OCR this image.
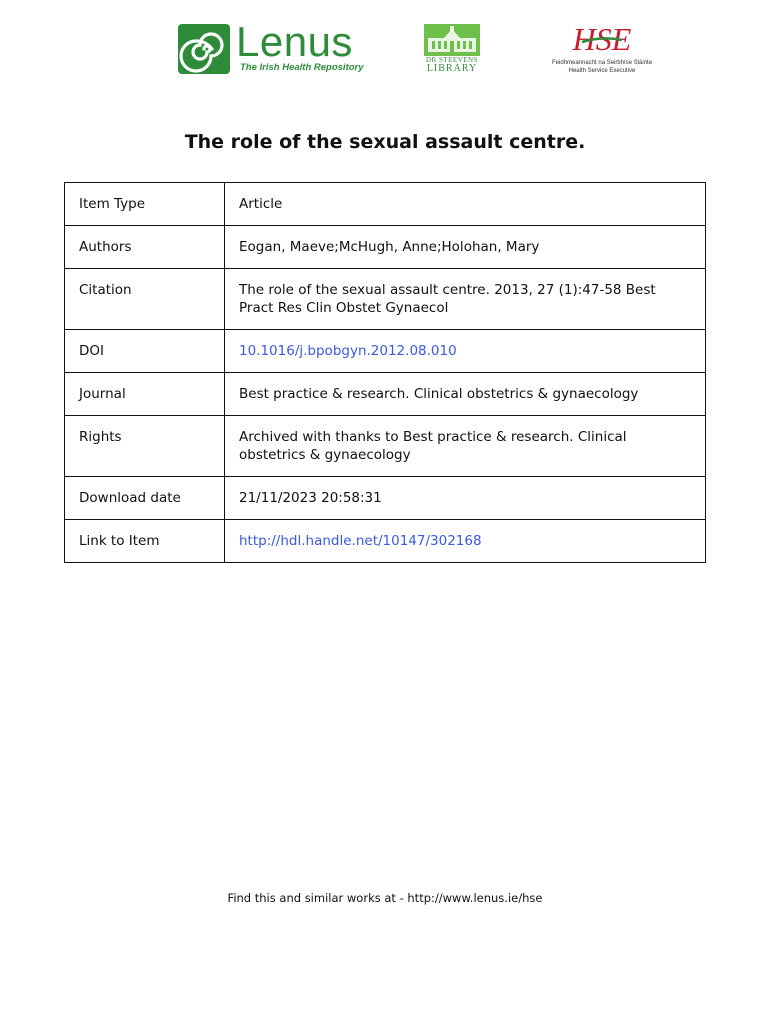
Lenus
The Irish Health Repository
DR STEEVENS
LIBRARY
HSE
Feidhmeannacht na Seirbhíse Sláinte
Health Service Executive
The role of the sexual assault centre.
Item Type	Article
Authors	Eogan, Maeve;McHugh, Anne;Holohan, Mary
Citation	The role of the sexual assault centre. 2013, 27 (1):47-58 Best Pract Res Clin Obstet Gynaecol
DOI	10.1016/j.bpobgyn.2012.08.010
Journal	Best practice & research. Clinical obstetrics & gynaecology
Rights	Archived with thanks to Best practice & research. Clinical obstetrics & gynaecology
Download date	21/11/2023 20:58:31
Link to Item	http://hdl.handle.net/10147/302168
Find this and similar works at - http://www.lenus.ie/hse
